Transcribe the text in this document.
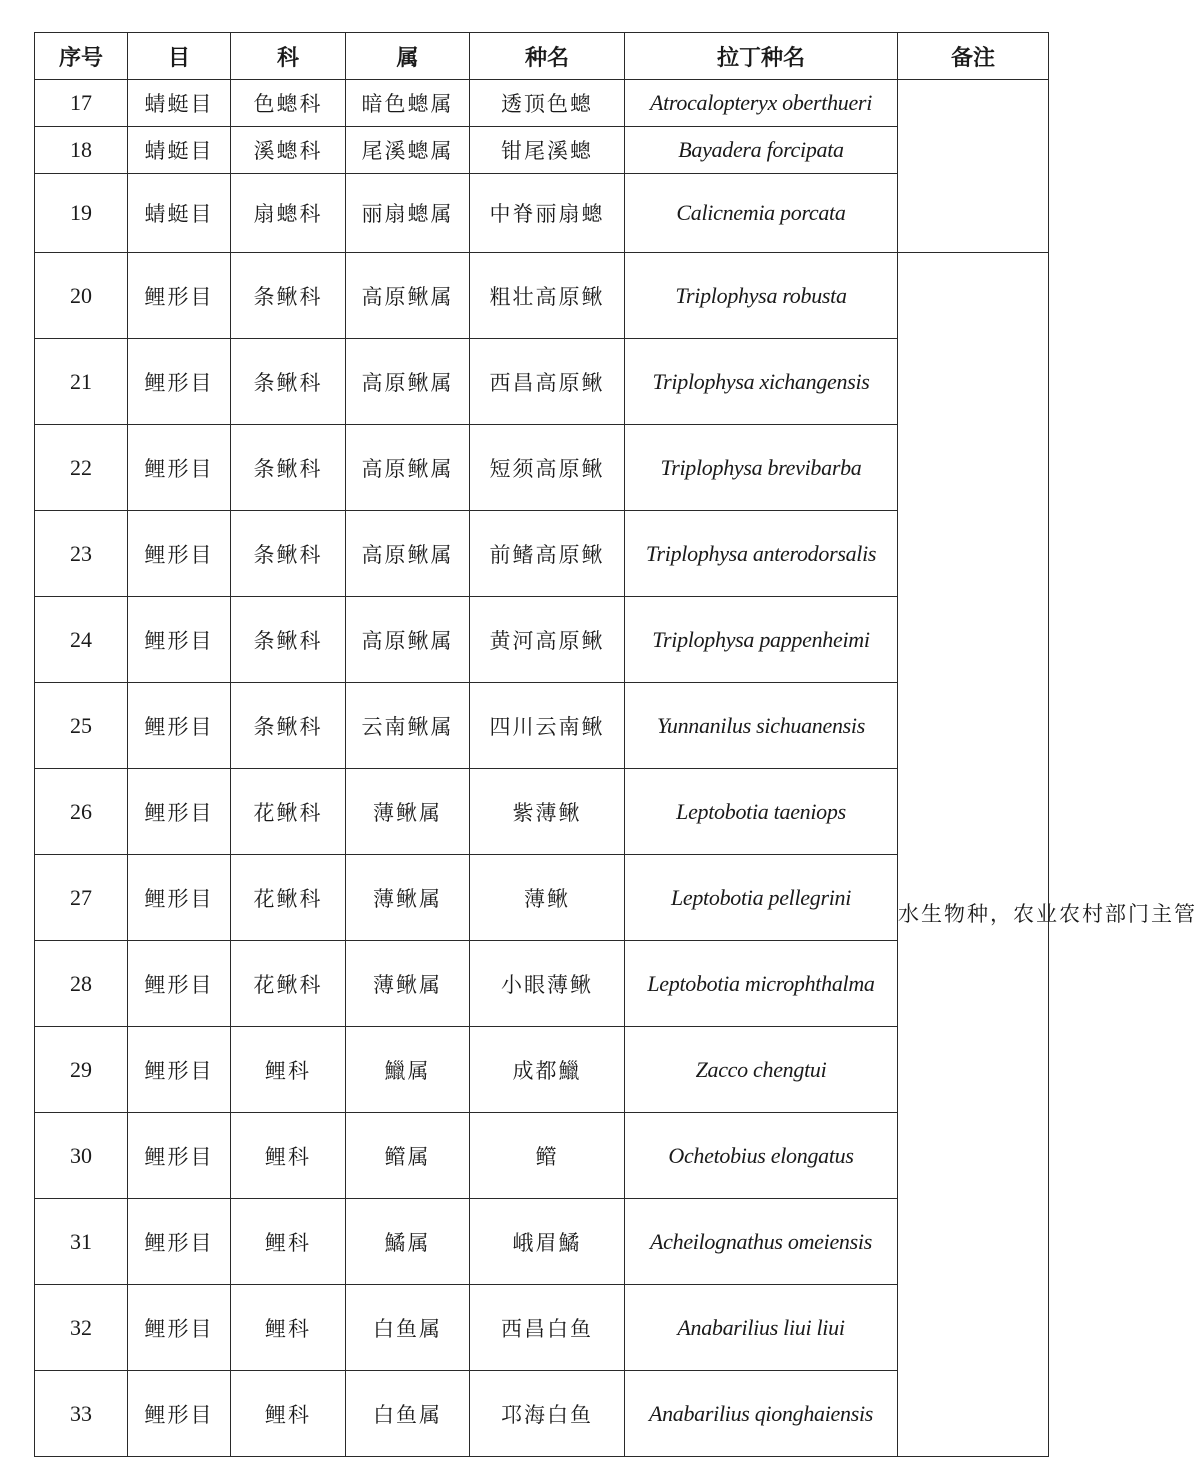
序号	目	科	属	种名	拉丁种名	备注
17	蜻蜓目	色蟌科	暗色蟌属	透顶色蟌	Atrocalopteryx oberthueri	
18	蜻蜓目	溪蟌科	尾溪蟌属	钳尾溪蟌	Bayadera forcipata	
19	蜻蜓目	扇蟌科	丽扇蟌属	中脊丽扇蟌	Calicnemia porcata	
20	鲤形目	条鳅科	高原鳅属	粗壮高原鳅	Triplophysa robusta	水生物种，农业农村部门主管

21	鲤形目	条鳅科	高原鳅属	西昌高原鳅	Triplophysa xichangensis	
22	鲤形目	条鳅科	高原鳅属	短须高原鳅	Triplophysa brevibarba	
23	鲤形目	条鳅科	高原鳅属	前鳍高原鳅	Triplophysa anterodorsalis	
24	鲤形目	条鳅科	高原鳅属	黄河高原鳅	Triplophysa pappenheimi	
25	鲤形目	条鳅科	云南鳅属	四川云南鳅	Yunnanilus sichuanensis	
26	鲤形目	花鳅科	薄鳅属	紫薄鳅	Leptobotia taeniops	
27	鲤形目	花鳅科	薄鳅属	薄鳅	Leptobotia pellegrini	
28	鲤形目	花鳅科	薄鳅属	小眼薄鳅	Leptobotia microphthalma	
29	鲤形目	鲤科	鱲属	成都鱲	Zacco chengtui	
30	鲤形目	鲤科	鳤属	鳤	Ochetobius elongatus	
31	鲤形目	鲤科	鱊属	峨眉鱊	Acheilognathus omeiensis	
32	鲤形目	鲤科	白鱼属	西昌白鱼	Anabarilius liui liui	
33	鲤形目	鲤科	白鱼属	邛海白鱼	Anabarilius qionghaiensis	
